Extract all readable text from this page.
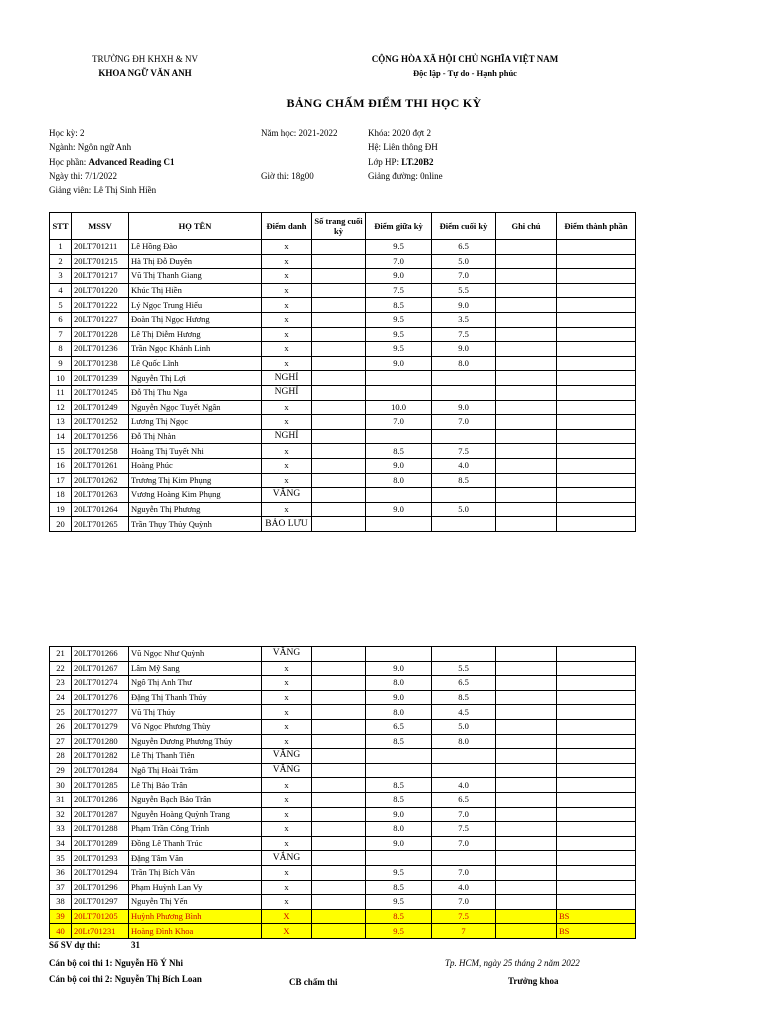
TRƯỜNG ĐH KHXH & NV
KHOA NGỮ VĂN ANH
CỘNG HÒA XÃ HỘI CHỦ NGHĨA VIỆT NAM
Độc lập - Tự do - Hạnh phúc
BẢNG CHẤM ĐIỂM THI HỌC KỲ
Học kỳ: 2	Năm học: 2021-2022	Khóa: 2020 đợt 2
Ngành: Ngôn ngữ Anh	Hệ: Liên thông ĐH
Học phần: Advanced Reading C1	Lớp HP: LT.20B2
Ngày thi: 7/1/2022	Giờ thi: 18g00	Giảng đường: 0nline
Giảng viên: Lê Thị Sinh Hiền
STT	MSSV	HỌ TÊN	Điểm danh	Số trang cuối kỳ	Điểm giữa kỳ	Điểm cuối kỳ	Ghi chú	Điểm thành phần
1	20LT701211	Lê Hồng Đào	x		9.5	6.5		
2	20LT701215	Hà Thị Đỗ Duyên	x		7.0	5.0		
3	20LT701217	Vũ Thị Thanh Giang	x		9.0	7.0		
4	20LT701220	Khúc Thị Hiền	x		7.5	5.5		
5	20LT701222	Lý Ngọc Trung Hiếu	x		8.5	9.0		
6	20LT701227	Đoàn Thị Ngọc Hương	x		9.5	3.5		
7	20LT701228	Lê Thị Diễm Hương	x		9.5	7.5		
8	20LT701236	Trần Ngọc Khánh Linh	x		9.5	9.0		
9	20LT701238	Lê Quốc Lĩnh	x		9.0	8.0		
10	20LT701239	Nguyễn Thị Lợi	NGHỈ					
11	20LT701245	Đỗ Thị Thu Nga	NGHỈ					
12	20LT701249	Nguyễn Ngọc Tuyết Ngân	x		10.0	9.0		
13	20LT701252	Lương Thị Ngọc	x		7.0	7.0		
14	20LT701256	Đỗ Thị Nhàn	NGHỈ					
15	20LT701258	Hoàng Thị Tuyết Nhi	x		8.5	7.5		
16	20LT701261	Hoàng Phúc	x		9.0	4.0		
17	20LT701262	Trương Thị Kim Phụng	x		8.0	8.5		
18	20LT701263	Vương Hoàng Kim Phụng	VẮNG					
19	20LT701264	Nguyễn Thị Phương	x		9.0	5.0		
20	20LT701265	Trần Thụy Thủy Quỳnh	BẢO LƯU					
21	20LT701266	Vũ Ngọc Như Quỳnh	VẮNG					
22	20LT701267	Lâm Mỹ Sang	x		9.0	5.5		
23	20LT701274	Ngô Thị Anh Thư	x		8.0	6.5		
24	20LT701276	Đặng Thị Thanh Thúy	x		9.0	8.5		
25	20LT701277	Vũ Thị Thúy	x		8.0	4.5		
26	20LT701279	Võ Ngọc Phương Thùy	x		6.5	5.0		
27	20LT701280	Nguyễn Dương Phương Thủy	x		8.5	8.0		
28	20LT701282	Lê Thị Thanh Tiên	VẮNG					
29	20LT701284	Ngô Thị Hoài Trâm	VẮNG					
30	20LT701285	Lê Thị Bảo Trân	x		8.5	4.0		
31	20LT701286	Nguyễn Bạch Bảo Trân	x		8.5	6.5		
32	20LT701287	Nguyễn Hoàng Quỳnh Trang	x		9.0	7.0		
33	20LT701288	Phạm Trần Công Trình	x		8.0	7.5		
34	20LT701289	Đồng Lê Thanh Trúc	x		9.0	7.0		
35	20LT701293	Đặng Tâm Văn	VẮNG					
36	20LT701294	Trần Thị Bích Vân	x		9.5	7.0		
37	20LT701296	Phạm Huỳnh Lan Vy	x		8.5	4.0		
38	20LT701297	Nguyễn Thị Yến	x		9.5	7.0		
39	20LT701205	Huỳnh Phương Bình	X		8.5	7.5		BS
40	20Lt701231	Hoàng Đình Khoa	X		9.5	7		BS
Số SV dự thi:	31
Cán bộ coi thi 1: Nguyễn Hồ Ý Nhi
Cán bộ coi thi 2: Nguyễn Thị Bích Loan	CB chấm thi
Tp. HCM, ngày 25 tháng 2 năm 2022
Trưởng khoa
